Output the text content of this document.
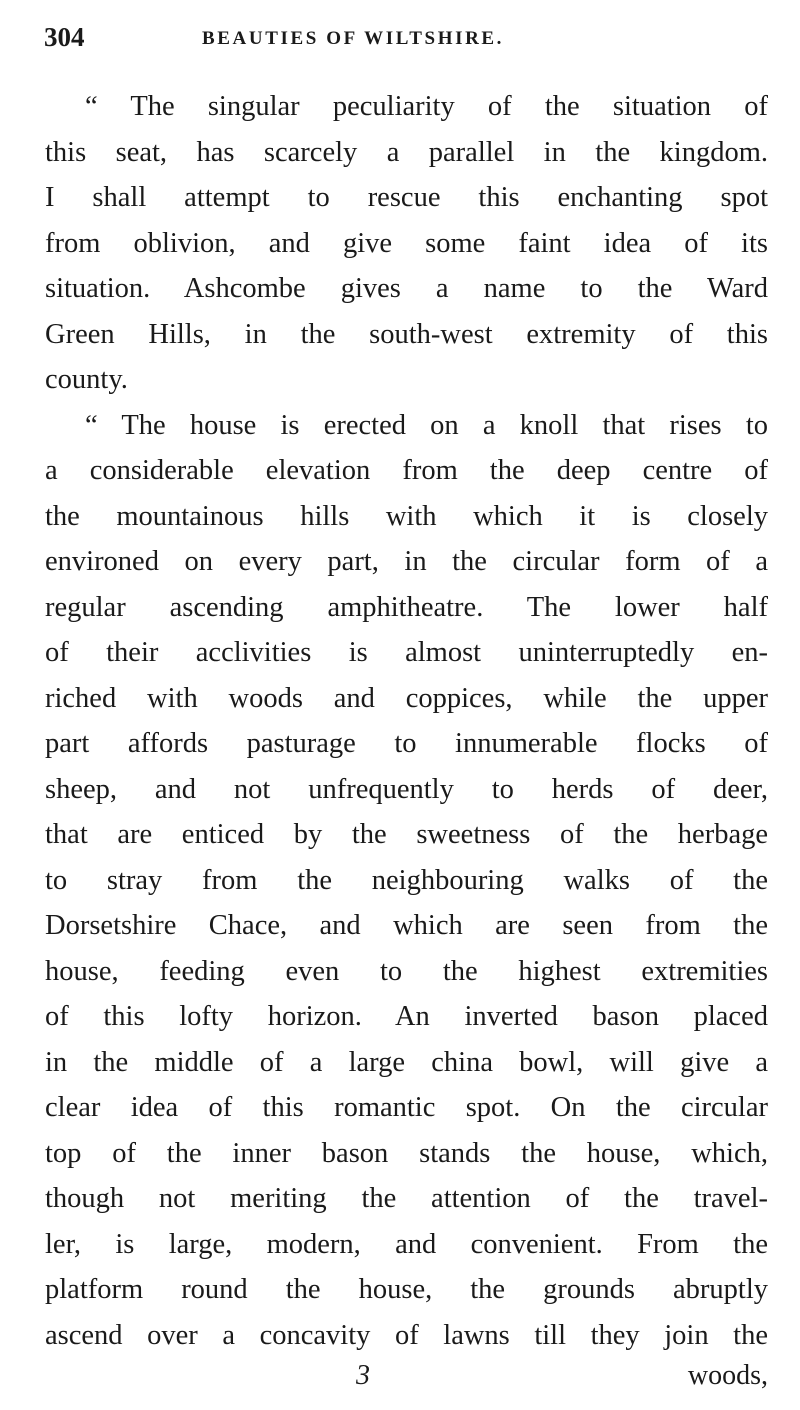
304	BEAUTIES OF WILTSHIRE.
“ The singular peculiarity of the situation of
this seat, has scarcely a parallel in the kingdom.
I shall attempt to rescue this enchanting spot
from oblivion, and give some faint idea of its
situation. Ashcombe gives a name to the Ward
Green Hills, in the south-west extremity of this
county.
“ The house is erected on a knoll that rises to
a considerable elevation from the deep centre of
the mountainous hills with which it is closely
environed on every part, in the circular form of a
regular ascending amphitheatre. The lower half
of their acclivities is almost uninterruptedly en-
riched with woods and coppices, while the upper
part affords pasturage to innumerable flocks of
sheep, and not unfrequently to herds of deer,
that are enticed by the sweetness of the herbage
to stray from the neighbouring walks of the
Dorsetshire Chace, and which are seen from the
house, feeding even to the highest extremities
of this lofty horizon. An inverted bason placed
in the middle of a large china bowl, will give a
clear idea of this romantic spot. On the circular
top of the inner bason stands the house, which,
though not meriting the attention of the travel-
ler, is large, modern, and convenient. From the
platform round the house, the grounds abruptly
ascend over a concavity of lawns till they join the
3	woods,
